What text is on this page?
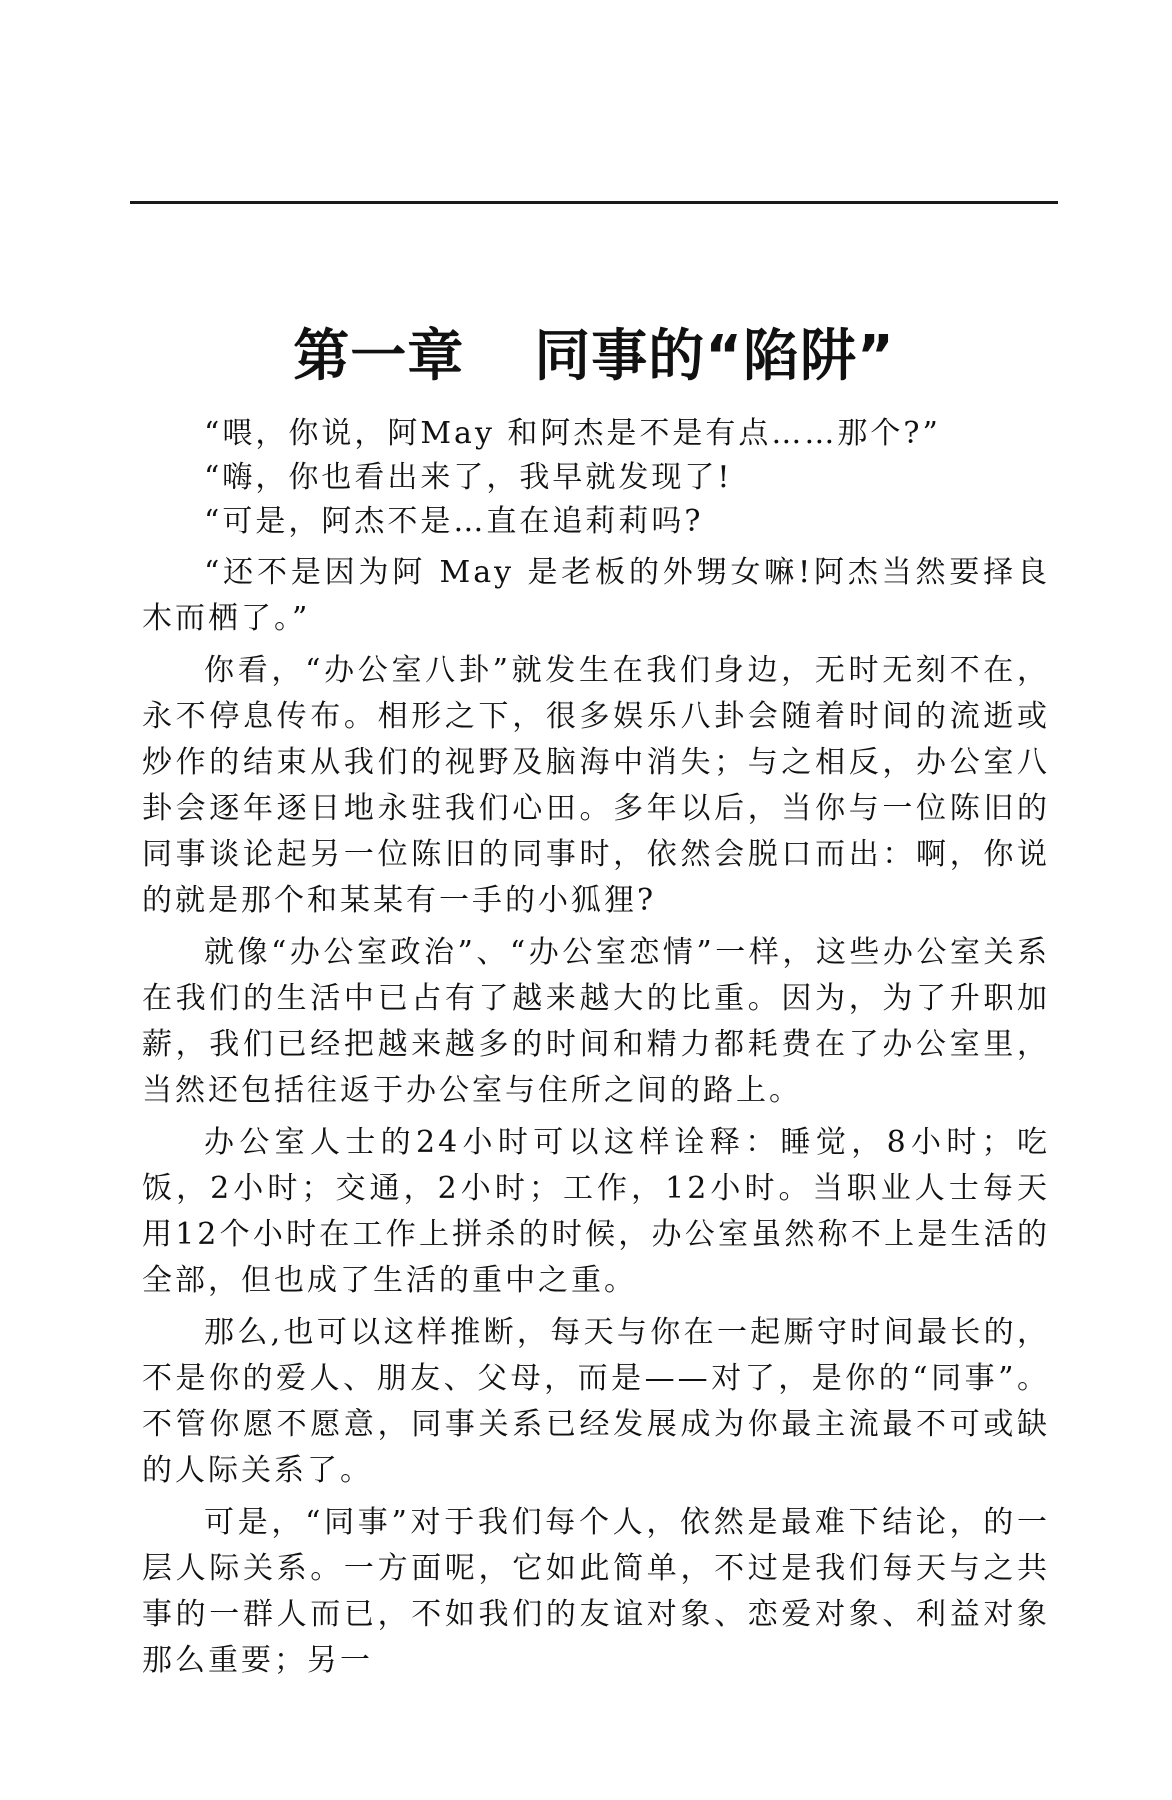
第一章 同事的“陷阱”

“喂，你说，阿May 和阿杰是不是有点……那个?”

“嗨，你也看出来了，我早就发现了!

“可是，阿杰不是…直在追莉莉吗?

“还不是因为阿 May 是老板的外甥女嘛!阿杰当然要择良木而栖了。”

你看，“办公室八卦”就发生在我们身边，无时无刻不在，永不停息传布。相形之下，很多娱乐八卦会随着时间的流逝或炒作的结束从我们的视野及脑海中消失；与之相反，办公室八卦会逐年逐日地永驻我们心田。多年以后，当你与一位陈旧的同事谈论起另一位陈旧的同事时，依然会脱口而出：啊，你说的就是那个和某某有一手的小狐狸?

就像“办公室政治”、“办公室恋情”一样，这些办公室关系在我们的生活中已占有了越来越大的比重。因为，为了升职加薪，我们已经把越来越多的时间和精力都耗费在了办公室里，当然还包括往返于办公室与住所之间的路上。

办公室人士的24小时可以这样诠释：睡觉，8小时；吃饭，2小时；交通，2小时；工作，12小时。当职业人士每天用12个小时在工作上拼杀的时候，办公室虽然称不上是生活的全部，但也成了生活的重中之重。

那么,也可以这样推断，每天与你在一起厮守时间最长的，不是你的爱人、朋友、父母，而是——对了，是你的“同事”。不管你愿不愿意，同事关系已经发展成为你最主流最不可或缺的人际关系了。

可是，“同事”对于我们每个人，依然是最难下结论，的一层人际关系。一方面呢，它如此简单，不过是我们每天与之共事的一群人而已，不如我们的友谊对象、恋爱对象、利益对象那么重要；另一
